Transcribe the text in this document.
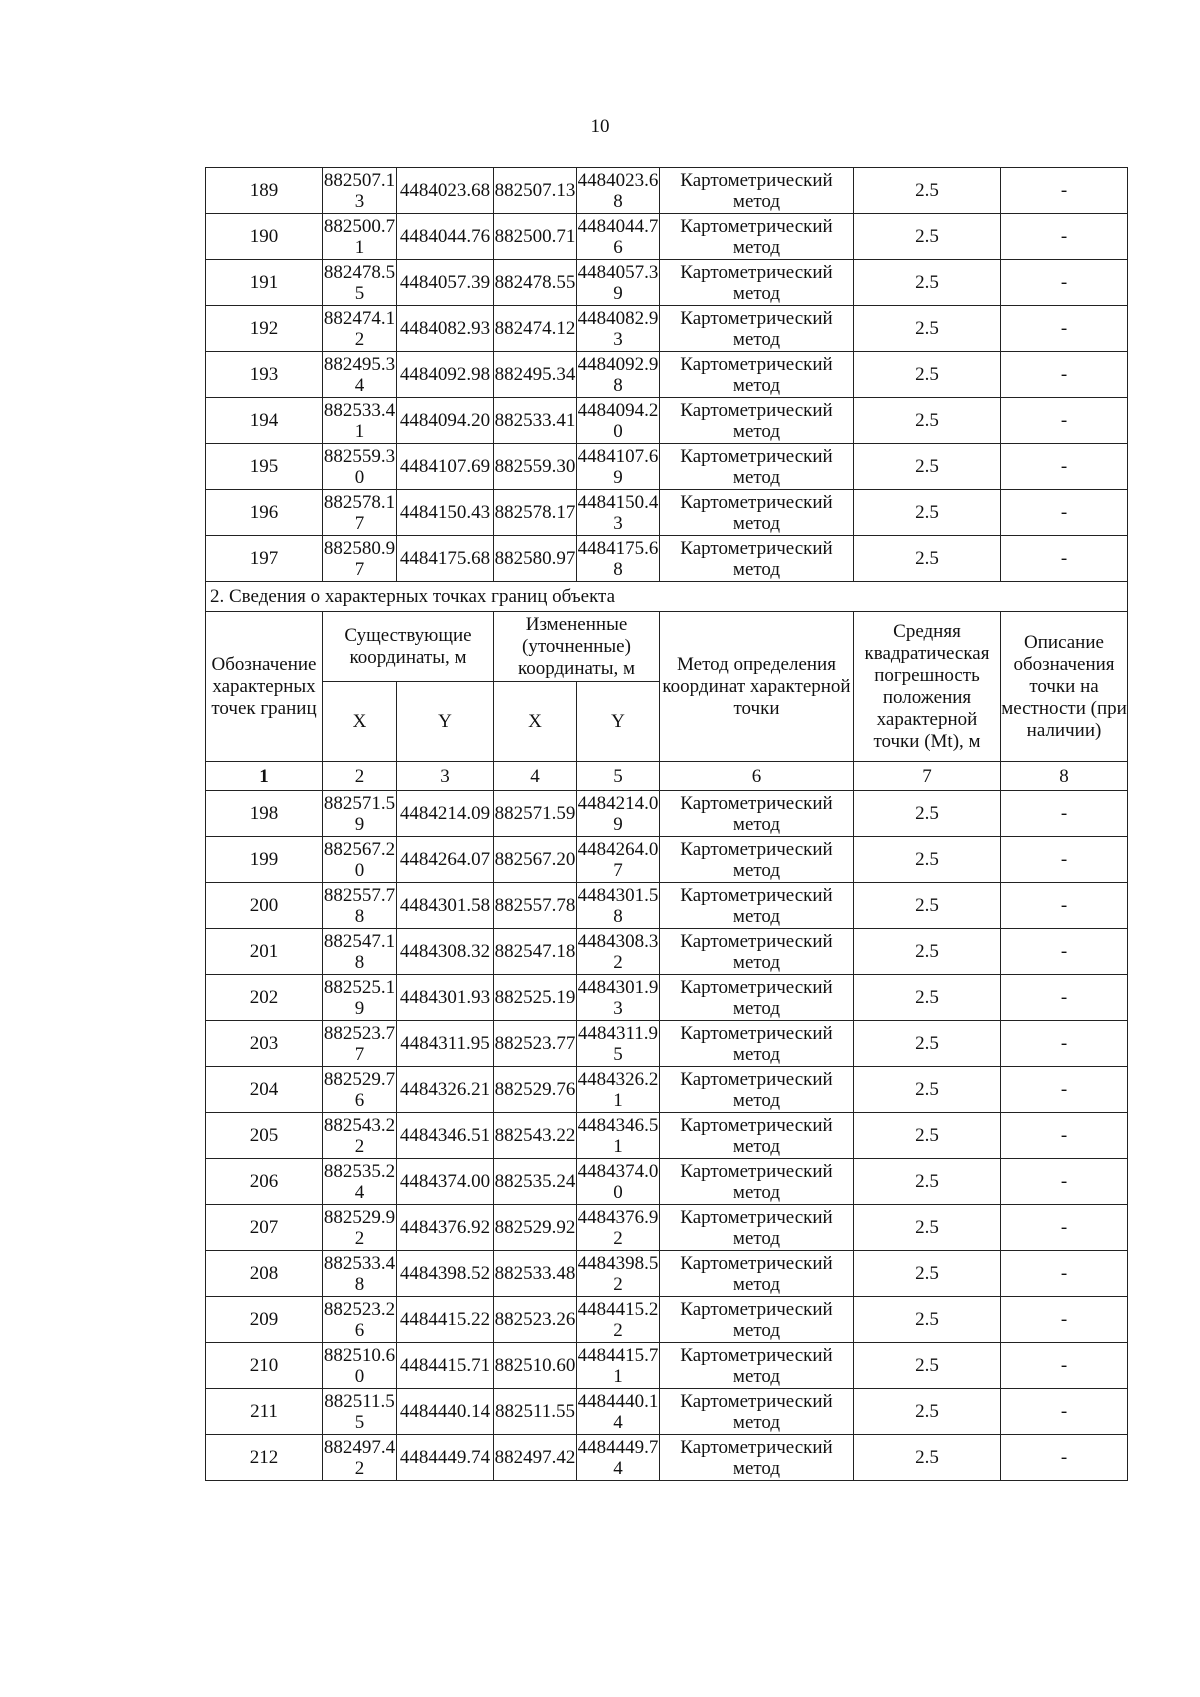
10
189	882507.13	4484023.68	882507.13	4484023.68	Картометрический метод	2.5	-
190	882500.71	4484044.76	882500.71	4484044.76	Картометрический метод	2.5	-
191	882478.55	4484057.39	882478.55	4484057.39	Картометрический метод	2.5	-
192	882474.12	4484082.93	882474.12	4484082.93	Картометрический метод	2.5	-
193	882495.34	4484092.98	882495.34	4484092.98	Картометрический метод	2.5	-
194	882533.41	4484094.20	882533.41	4484094.20	Картометрический метод	2.5	-
195	882559.30	4484107.69	882559.30	4484107.69	Картометрический метод	2.5	-
196	882578.17	4484150.43	882578.17	4484150.43	Картометрический метод	2.5	-
197	882580.97	4484175.68	882580.97	4484175.68	Картометрический метод	2.5	-
2. Сведения о характерных точках границ объекта							
Обозначение характерных точек границ	Существующие координаты, м		Измененные (уточненные) координаты, м		Метод определения координат характерной точки	Средняя квадратическая погрешность положения характерной точки (Mt), м	Описание обозначения точки на местности (при наличии)
	X	Y	X	Y			
1	2	3	4	5	6	7	8
198	882571.59	4484214.09	882571.59	4484214.09	Картометрический метод	2.5	-
199	882567.20	4484264.07	882567.20	4484264.07	Картометрический метод	2.5	-
200	882557.78	4484301.58	882557.78	4484301.58	Картометрический метод	2.5	-
201	882547.18	4484308.32	882547.18	4484308.32	Картометрический метод	2.5	-
202	882525.19	4484301.93	882525.19	4484301.93	Картометрический метод	2.5	-
203	882523.77	4484311.95	882523.77	4484311.95	Картометрический метод	2.5	-
204	882529.76	4484326.21	882529.76	4484326.21	Картометрический метод	2.5	-
205	882543.22	4484346.51	882543.22	4484346.51	Картометрический метод	2.5	-
206	882535.24	4484374.00	882535.24	4484374.00	Картометрический метод	2.5	-
207	882529.92	4484376.92	882529.92	4484376.92	Картометрический метод	2.5	-
208	882533.48	4484398.52	882533.48	4484398.52	Картометрический метод	2.5	-
209	882523.26	4484415.22	882523.26	4484415.22	Картометрический метод	2.5	-
210	882510.60	4484415.71	882510.60	4484415.71	Картометрический метод	2.5	-
211	882511.55	4484440.14	882511.55	4484440.14	Картометрический метод	2.5	-
212	882497.42	4484449.74	882497.42	4484449.74	Картометрический метод	2.5	-
